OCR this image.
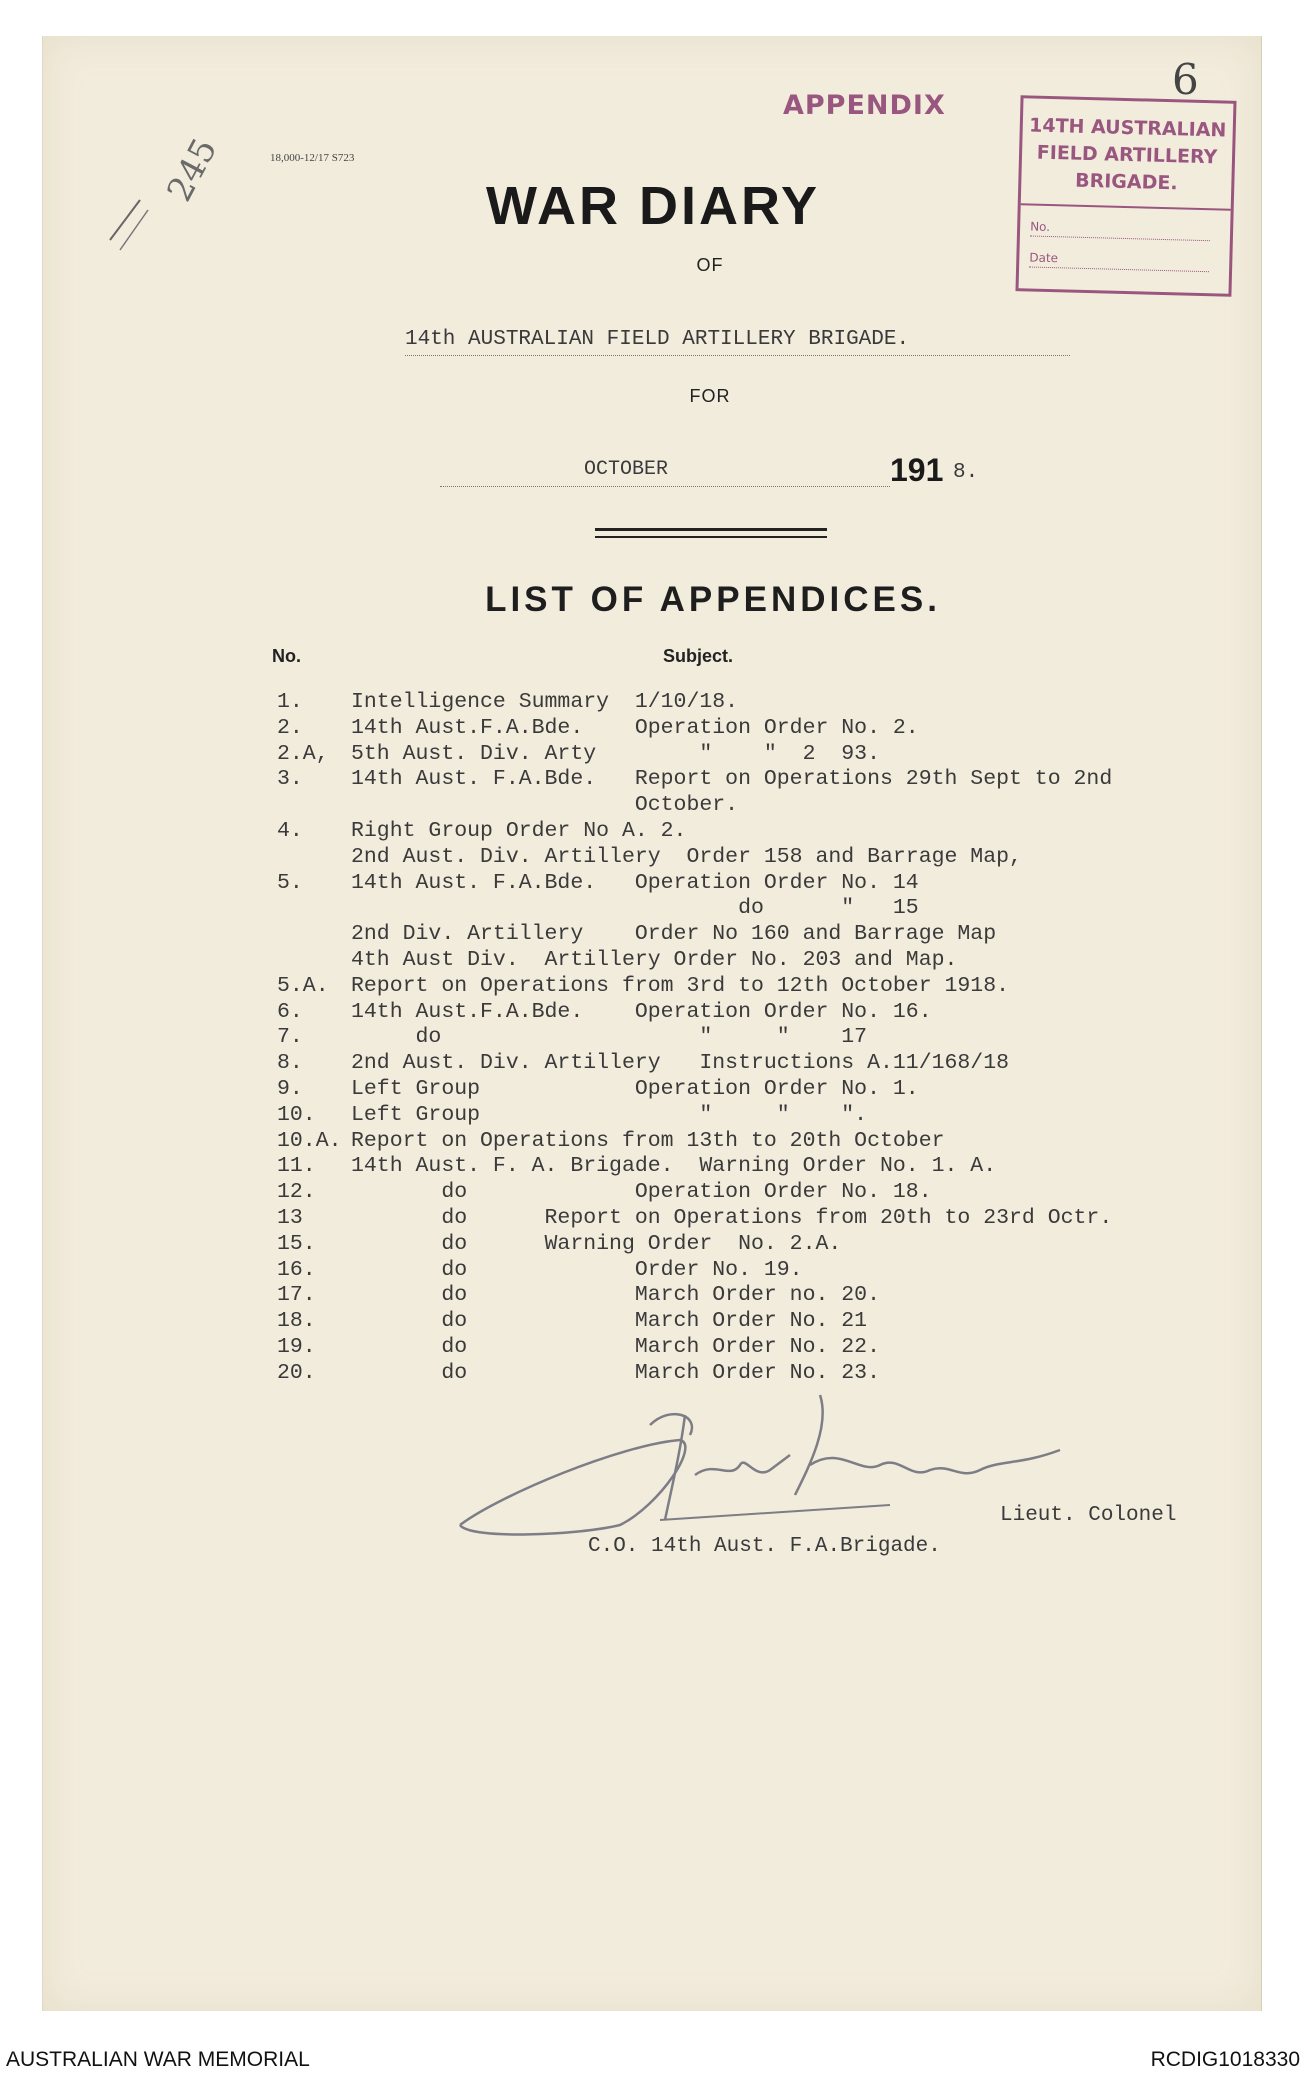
18,000-12/17 S723
245
6
APPENDIX
14TH AUSTRALIAN
FIELD ARTILLERY
BRIGADE.
No.
Date
WAR DIARY
OF
14th AUSTRALIAN FIELD ARTILLERY BRIGADE.
FOR
OCTOBER	191 8.
LIST OF APPENDICES.
No.	Subject.
1. Intelligence Summary  1/10/18.
2. 14th Aust.F.A.Bde.    Operation Order No. 2.
2.A, 5th Aust. Div. Arty        "    "  2  93.
3. 14th Aust. F.A.Bde.   Report on Operations 29th Sept to 2nd
October.
4. Right Group Order No A. 2.
2nd Aust. Div. Artillery  Order 158 and Barrage Map,
5. 14th Aust. F.A.Bde.   Operation Order No. 14
do      "   15
2nd Div. Artillery    Order No 160 and Barrage Map
4th Aust Div.  Artillery Order No. 203 and Map.
5.A. Report on Operations from 3rd to 12th October 1918.
6. 14th Aust.F.A.Bde.    Operation Order No. 16.
7.     do                    "     "    17
8. 2nd Aust. Div. Artillery   Instructions A.11/168/18
9. Left Group            Operation Order No. 1.
10. Left Group                 "     "    ".
10.A. Report on Operations from 13th to 20th October
11. 14th Aust. F. A. Brigade.  Warning Order No. 1. A.
12.       do             Operation Order No. 18.
13       do      Report on Operations from 20th to 23rd Octr.
15.       do      Warning Order  No. 2.A.
16.       do             Order No. 19.
17.       do             March Order no. 20.
18.       do             March Order No. 21
19.       do             March Order No. 22.
20.       do             March Order No. 23.
Lieut. Colonel
C.O. 14th Aust. F.A.Brigade.
AUSTRALIAN WAR MEMORIAL	RCDIG1018330
